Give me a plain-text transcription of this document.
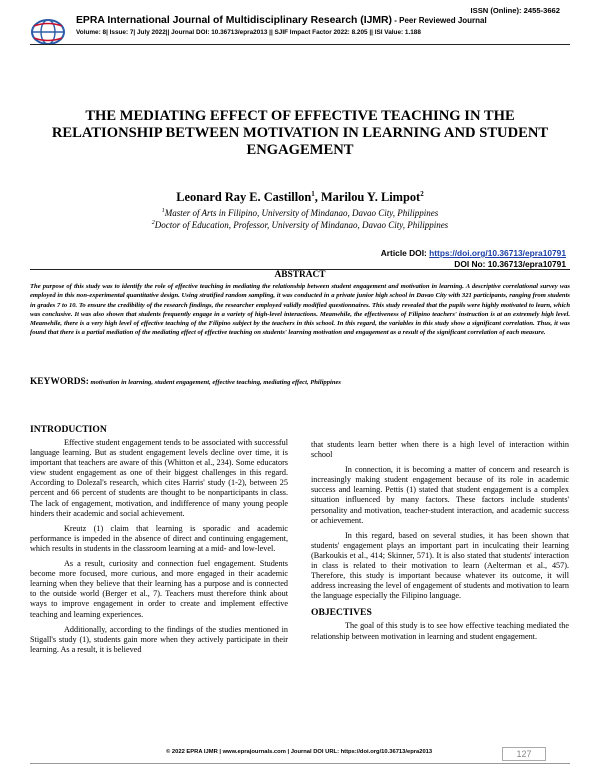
ISSN (Online): 2455-3662
EPRA International Journal of Multidisciplinary Research (IJMR) - Peer Reviewed Journal
Volume: 8| Issue: 7| July 2022|| Journal DOI: 10.36713/epra2013 || SJIF Impact Factor 2022: 8.205 || ISI Value: 1.188
THE MEDIATING EFFECT OF EFFECTIVE TEACHING IN THE RELATIONSHIP BETWEEN MOTIVATION IN LEARNING AND STUDENT ENGAGEMENT
Leonard Ray E. Castillon$^1$, Marilou Y. Limpot$^2$
$^1$Master of Arts in Filipino, University of Mindanao, Davao City, Philippines
$^2$Doctor of Education, Professor, University of Mindanao, Davao City, Philippines
Article DOI: https://doi.org/10.36713/epra10791
DOI No: 10.36713/epra10791
ABSTRACT
The purpose of this study was to identify the role of effective teaching in mediating the relationship between student engagement and motivation in learning. A descriptive correlational survey was employed in this non-experimental quantitative design. Using stratified random sampling, it was conducted in a private junior high school in Davao City with 321 participants, ranging from students in grades 7 to 10. To ensure the credibility of the research findings, the researcher employed validly modified questionnaires. This study revealed that the pupils were highly motivated to learn, which was conclusive. It was also shown that students frequently engage in a variety of high-level interactions. Meanwhile, the effectiveness of Filipino teachers' instruction is at an extremely high level. Meanwhile, there is a very high level of effective teaching of the Filipino subject by the teachers in this school. In this regard, the variables in this study show a significant correlation. Thus, it was found that there is a partial mediation of the mediating effect of effective teaching on students' learning motivation and engagement as a result of the significant correlation of each measure.
KEYWORDS: motivation in learning, student engagement, effective teaching, mediating effect, Philippines
INTRODUCTION

Effective student engagement tends to be associated with successful language learning. But as student engagement levels decline over time, it is important that teachers are aware of this (Whitton et al., 234). Some educators view student engagement as one of their biggest challenges in this regard. According to Dolezal's research, which cites Harris' study (1-2), between 25 percent and 66 percent of students are thought to be nonparticipants in class. The lack of engagement, motivation, and indifference of many young people hinders their academic and social achievement.

Kreutz (1) claim that learning is sporadic and academic performance is impeded in the absence of direct and continuing engagement, which results in students in the classroom learning at a mid- and low-level.

As a result, curiosity and connection fuel engagement. Students become more focused, more curious, and more engaged in their academic learning when they believe that their learning has a purpose and is connected to the outside world (Berger et al., 7). Teachers must therefore think about ways to improve engagement in order to create and implement effective teaching and learning experiences.

Additionally, according to the findings of the studies mentioned in Stigall's study (1), students gain more when they actively participate in their learning. As a result, it is believed

that students learn better when there is a high level of interaction within school

In connection, it is becoming a matter of concern and research is increasingly making student engagement because of its role in academic success and learning. Pettis (1) stated that student engagement is a complex situation influenced by many factors. These factors include students' personality and motivation, teacher-student interaction, and academic success or achievement.

In this regard, based on several studies, it has been shown that students' engagement plays an important part in inculcating their learning (Barkoukis et al., 414; Skinner, 571). It is also stated that students' interaction in class is related to their motivation to learn (Aelterman et al., 457). Therefore, this study is important because whatever its outcome, it will address increasing the level of engagement of students and motivation to learn the language especially the Filipino language.

OBJECTIVES

The goal of this study is to see how effective teaching mediated the relationship between motivation in learning and student engagement.

© 2022 EPRA IJMR | www.eprajournals.com | Journal DOI URL: https://doi.org/10.36713/epra2013	127
